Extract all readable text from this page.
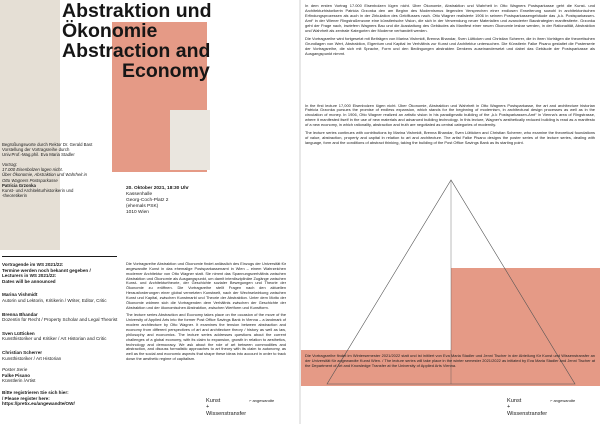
Abstraktion und
Ökonomie
Abstraction and
Economy
Begrüßungsworte durch Rektor Dr. Gerald Bast
Vorstellung der Vortragsreihe durch
Univ.Prof.-Mag.phil. Eva Maria Stadler
Vortrag:
17.000 Eisenbolzen lügen nicht.
Über Ökonomie, Abstraktion und Wahrheit in
Otto Wagners Postsparkasse
Patricia Grzonka
Kunst- und Architekturhistorikerin und
-theoretikerin
20. Oktober 2021, 18:30 Uhr
Kassenhalle
Georg-Coch-Platz 2
(ehemals PSK)
1010 Wien
Vortragende im WS 2021/22:
Termine werden noch bekannt gegeben /
Lecturers in WS 2021/22:
Dates will be announced
Marina Vishmidt
Autorin und Lektorin, Kritikerin / Writer, Editor, Critic
Brenna Bhandar
Dozentin für Recht / Property Scholar and Legal Theorist
Sven Lütticken
Kunsthistoriker und Kritiker / Art Historian and Critic
Christian Scherrer
Kunsthistoriker / Art Historian
Poster Serie
Falke Pisano
Künstlerin /Artist
Bitte registrieren Sie sich hier:
/ Please register here:
https://pretix.eu/angewandte/OW/

Die Vortragsreihe Abstraktion und Ökonomie findet anlässlich des Einzugs der Universität für angewandte Kunst in das ehemalige Postsparkassenamt in Wien – einem Wahrzeichen moderner Architektur von Otto Wagner statt. Sie nimmt das Spannungsverhältnis zwischen Abstraktion und Ökonomie als Ausgangspunkt, um damit interdisziplinäre Zugänge zwischen Kunst- und Architekturtheorie, der Geschichte sozialer Bewegungen und Theorie der Ökonomie zu eröffnen. Die Vortragsreihe stellt Fragen nach den aktuellen Herausforderungen einer global vernetzten Kunstwelt, nach der Wechselwirkung zwischen Kunst und Kapital, zwischen Kunstmarkt und Theorie der Abstraktion. Unter dem Motto der Ökonomie widmen sich die Vortragenden dem Verhältnis zwischen der Geschichte der Abstraktion und der ökonomischen Abstraktion, zwischen Wertform und Kunstform.

The lecture series Abstraction and Economy takes place on the occasion of the move of the University of Applied Arts into the former Post Office Savings Bank in Vienna – a landmark of modern architecture by Otto Wagner. It examines the tension between abstraction and economy from different perspectives of art and architecture theory / history as well as law, philosophy and economics. The lecture series addresses questions about the current challenges of a global economy, with its claim to expansion, growth in relation to aesthetics, technology and democracy. We ask about the role of art between commodities and abstraction, and discuss formalistic approaches to art theory with its claim to autonomy, as well as the social and economic aspects that shape these ideas into account in order to track down the aesthetic regime of capitalism.

Kunst
+
Wissenstransfer
⌐ angewandte

In dem ersten Vortrag 17.000 Eisenbolzen lügen nicht. Über Ökonomie, Abstraktion und Wahrheit in Otto Wagners Postsparkasse geht die Kunst- und Architekturhistorikerin Patricia Grzonka den am Beginn des Modernismus liegenden Versprechen einer endlosen Erweiterung sowohl in architektonischen Erfindungsprozessen als auch in der Zirkulation des Geldflusses nach. Otto Wagner realisierte 1906 in seinem Postsparkassengebäude das „k.k. Postsparkassen-Amt“ in der Wiener Ringstraßenzone eine künstlerische Vision, die sich in der Verwendung neuer Materialien und avancierter Baustrategien manifestierte. Grzonka geht der Frage nach, inwiefern Wagners Bau und die Ausstattung des Gebäudes als Manifest einer neuen Ökonomie lesbar werden, in der Rationalität, Abstraktion und Wahrheit als zentrale Kategorien der Moderne verhandelt werden.

Die Vortragsreihe wird fortgesetzt mit Beiträgen von Marina Vishmidt, Brenna Bhandar, Sven Lütticken und Christian Scherrer, die in ihren Vorträgen die theoretischen Grundlagen von Wert, Abstraktion, Eigentum und Kapital im Verhältnis zur Kunst und Architektur untersuchen. Die Künstlerin Falke Pisano gestaltet die Posterserie der Vortragsreihe, die sich mit Sprache, Form und den Bedingungen abstrakten Denkens auseinandersetzt und dabei das Gebäude der Postsparkasse als Ausgangspunkt nimmt.

In the first lecture 17,000 Eisenbolzen lügen nicht. Über Ökonomie, Abstraktion und Wahrheit in Otto Wagners Postsparkasse, the art and architecture historian Patricia Grzonka pursues the promise of endless expansion, which stands for the beginning of modernism, in architectural design processes as well as in the circulation of money. In 1906, Otto Wagner realized an artistic vision in his paradigmatic building of the „k.k Postsparkassen-Amt“ in Vienna's area of Ringstrasse, where it manifested itself in the use of new materials and advanced building technology. In this lecture, Wagner's aesthetically reduced building is read as a manifesto of a new economy, in which rationality, abstraction and truth are negotiated as central categories of modernity.

The lecture series continues with contributions by Marina Vishmidt, Brenna Bhandar, Sven Lütticken and Christian Scherrer, who examine the theoretical foundations of value, abstraction, property and capital in relation to art and architecture. The artist Falke Pisano designs the poster series of the lecture series, dealing with language, form and the conditions of abstract thinking, taking the building of the Post Office Savings Bank as its starting point.

Die Vortragsreihe findet im Wintersemester 2021/2022 statt und ist initiiert von Eva Maria Stadler und Jenni Tischer in der Abteilung für Kunst und Wissenstransfer an der Universität für angewandte Kunst Wien. / The lecture series will take place in the winter semester 2021/2022 as initiated by Eva Maria Stadler and Jenni Tischer at the Department of Art and Knowledge Transfer at the University of Applied Arts Vienna.

Kunst
+
Wissenstransfer
⌐ angewandte
